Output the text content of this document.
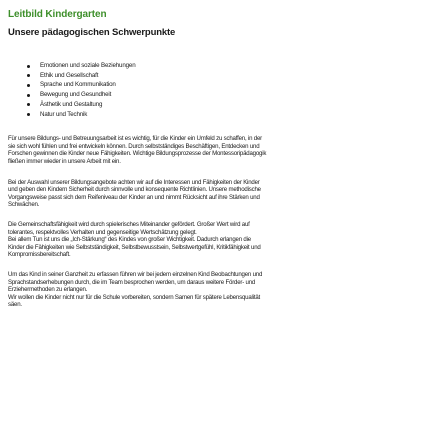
Leitbild Kindergarten
Unsere pädagogischen Schwerpunkte
Emotionen und soziale Beziehungen
Ethik und Gesellschaft
Sprache und Kommunikation
Bewegung und Gesundheit
Ästhetik und Gestaltung
Natur und Technik

Für unsere Bildungs- und Betreuungsarbeit ist es wichtig, für die Kinder ein Umfeld zu schaffen, in der
sie sich wohl fühlen und frei entwickeln können. Durch selbstständiges Beschäftigen, Entdecken und
Forschen gewinnen die Kinder neue Fähigkeiten. Wichtige Bildungsprozesse der Montessoripädagogik
fließen immer wieder in unsere Arbeit mit ein.

Bei der Auswahl unserer Bildungsangebote achten wir auf die Interessen und Fähigkeiten der Kinder
und geben den Kindern Sicherheit durch sinnvolle und konsequente Richtlinien. Unsere methodische
Vorgangsweise passt sich dem Reifeniveau der Kinder an und nimmt Rücksicht auf ihre Stärken und
Schwächen.

Die Gemeinschaftsfähigkeit wird durch spielerisches Miteinander gefördert. Großer Wert wird auf
tolerantes, respektvolles Verhalten und gegenseitige Wertschätzung gelegt.
Bei allem Tun ist uns die „Ich-Stärkung“ des Kindes von großer Wichtigkeit. Dadurch erlangen die
Kinder die Fähigkeiten wie Selbstständigkeit, Selbstbewusstsein, Selbstwertgefühl, Kritikfähigkeit und
Kompromissbereitschaft.

Um das Kind in seiner Ganzheit zu erfassen führen wir bei jedem einzelnen Kind Beobachtungen und
Sprachstandserhebungen durch, die im Team besprochen werden, um daraus weitere Förder- und
Erziehermethoden zu erlangen.
Wir wollen die Kinder nicht nur für die Schule vorbereiten, sondern Samen für spätere Lebensqualität
säen.
